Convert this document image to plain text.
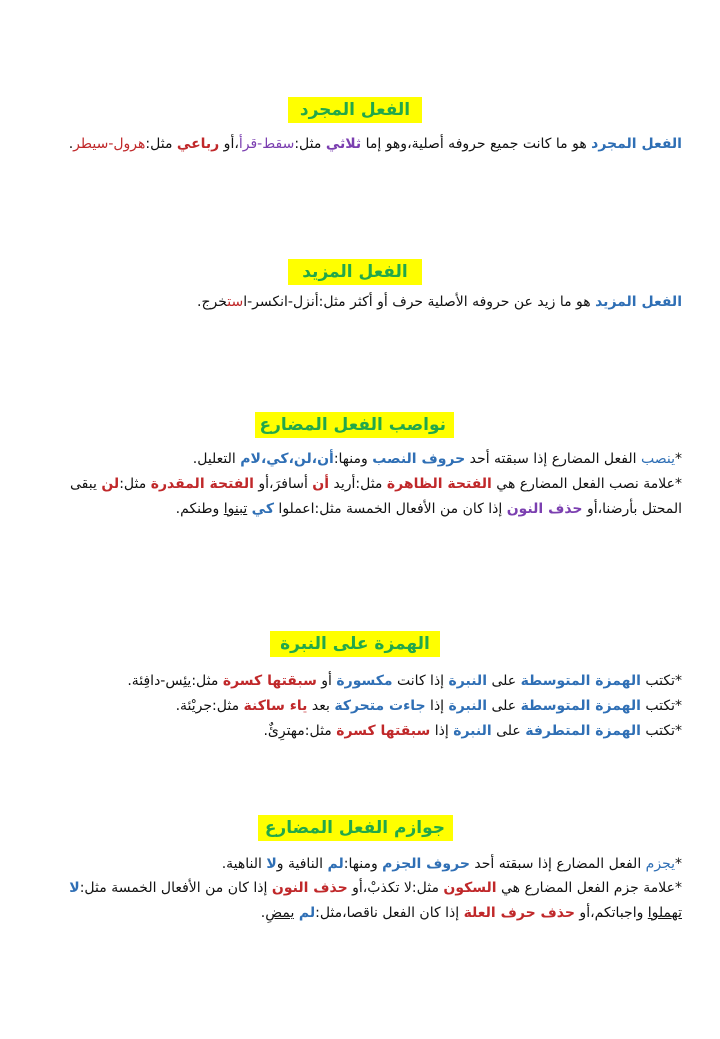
الفعل المجرد
الفعل المجرد هو ما كانت جميع حروفه أصلية،وهو إما ثلاثي مثل:سقط-قرأ،أو رباعي مثل:هرول-سيطر.
الفعل المزيد
الفعل المزيد هو ما زيد عن حروفه الأصلية حرف أو أكثر مثل:أنزل-انكسر-استخرج.
نواصب الفعل المضارع
*ينصب الفعل المضارع إذا سبقته أحد حروف النصب ومنها:أن،لن،كي،لام التعليل.
*علامة نصب الفعل المضارع هي الفتحة الظاهرة مثل:أريد أن أسافرَ،أو الفتحة المقدرة مثل:لن يبقى
المحتل بأرضنا،أو حذف النون إذا كان من الأفعال الخمسة مثل:اعملوا كي تبنوا وطنكم.
الهمزة على النبرة
*تكتب الهمزة المتوسطة على النبرة إذا كانت مكسورة أو سبقتها كسرة مثل:يئِس-دافِئة.
*تكتب الهمزة المتوسطة على النبرة إذا جاءت متحركة بعد ياء ساكنة مثل:جريْئة.
*تكتب الهمزة المتطرفة على النبرة إذا سبقتها كسرة مثل:مهترِئٌ.
جوازم الفعل المضارع
*يجزم الفعل المضارع إذا سبقته أحد حروف الجزم ومنها:لم النافية ولا الناهية.
*علامة جزم الفعل المضارع هي السكون مثل:لا تكذبْ،أو حذف النون إذا كان من الأفعال الخمسة مثل:لا
تهملوا واجباتكم،أو حذف حرف العلة إذا كان الفعل ناقصا،مثل:لم يمضِ.
